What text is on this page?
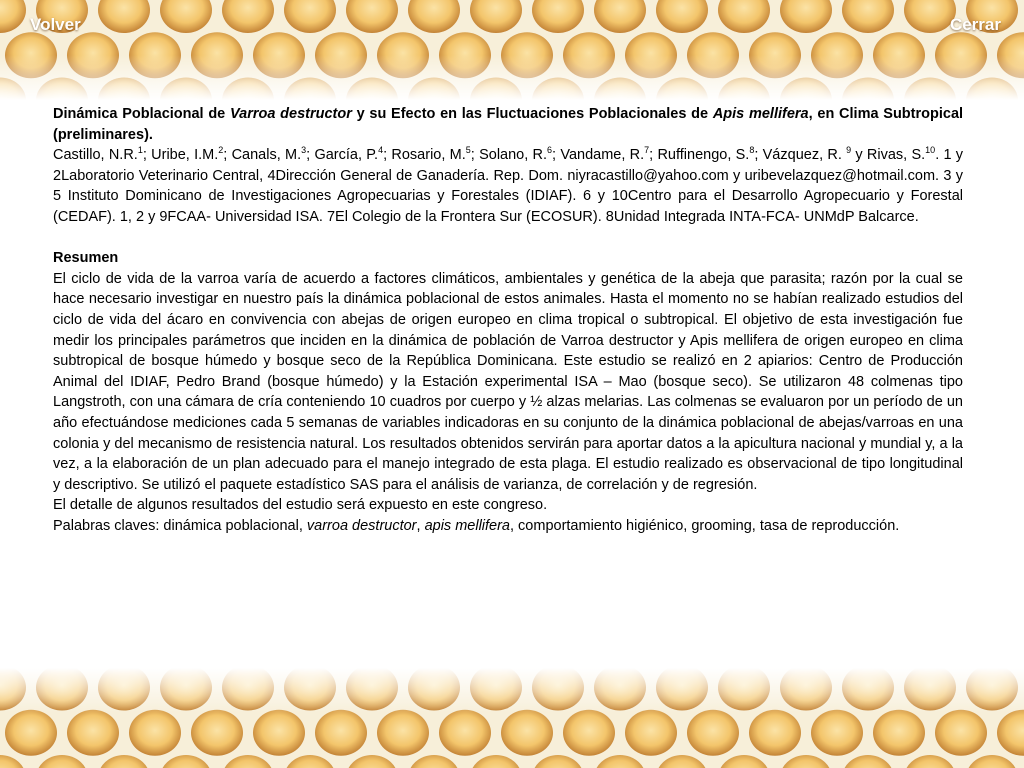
Volver	Cerrar

Dinámica Poblacional de Varroa destructor y su Efecto en las Fluctuaciones Poblacionales de Apis mellifera, en Clima Subtropical (preliminares).

Castillo, N.R.$^1$; Uribe, I.M.$^2$; Canals, M.$^3$; García, P.$^4$; Rosario, M.$^5$; Solano, R.$^6$; Vandame, R.$^7$; Ruffinengo, S.$^8$; Vázquez, R. $^9$ y Rivas, S.$^{10}$. 1 y 2Laboratorio Veterinario Central, 4Dirección General de Ganadería. Rep. Dom. niyracastillo@yahoo.com y uribevelazquez@hotmail.com. 3 y 5 Instituto Dominicano de Investigaciones Agropecuarias y Forestales (IDIAF). 6 y 10Centro para el Desarrollo Agropecuario y Forestal (CEDAF). 1, 2 y 9FCAA- Universidad ISA. 7El Colegio de la Frontera Sur (ECOSUR). 8Unidad Integrada INTA-FCA- UNMdP Balcarce.

Resumen

El ciclo de vida de la varroa varía de acuerdo a factores climáticos, ambientales y genética de la abeja que parasita; razón por la cual se hace necesario investigar en nuestro país la dinámica poblacional de estos animales. Hasta el momento no se habían realizado estudios del ciclo de vida del ácaro en convivencia con abejas de origen europeo en clima tropical o subtropical. El objetivo de esta investigación fue medir los principales parámetros que inciden en la dinámica de población de Varroa destructor y Apis mellifera de origen europeo en clima subtropical de bosque húmedo y bosque seco de la República Dominicana. Este estudio se realizó en 2 apiarios: Centro de Producción Animal del IDIAF, Pedro Brand (bosque húmedo) y la Estación experimental ISA – Mao (bosque seco). Se utilizaron 48 colmenas tipo Langstroth, con una cámara de cría conteniendo 10 cuadros por cuerpo y ½ alzas melarias. Las colmenas se evaluaron por un período de un año efectuándose mediciones cada 5 semanas de variables indicadoras en su conjunto de la dinámica poblacional de abejas/varroas en una colonia y del mecanismo de resistencia natural. Los resultados obtenidos servirán para aportar datos a la apicultura nacional y mundial y, a la vez, a la elaboración de un plan adecuado para el manejo integrado de esta plaga. El estudio realizado es observacional de tipo longitudinal y descriptivo. Se utilizó el paquete estadístico SAS para el análisis de varianza, de correlación y de regresión.

El detalle de algunos resultados del estudio será expuesto en este congreso.

Palabras claves: dinámica poblacional, varroa destructor, apis mellifera, comportamiento higiénico, grooming, tasa de reproducción.
